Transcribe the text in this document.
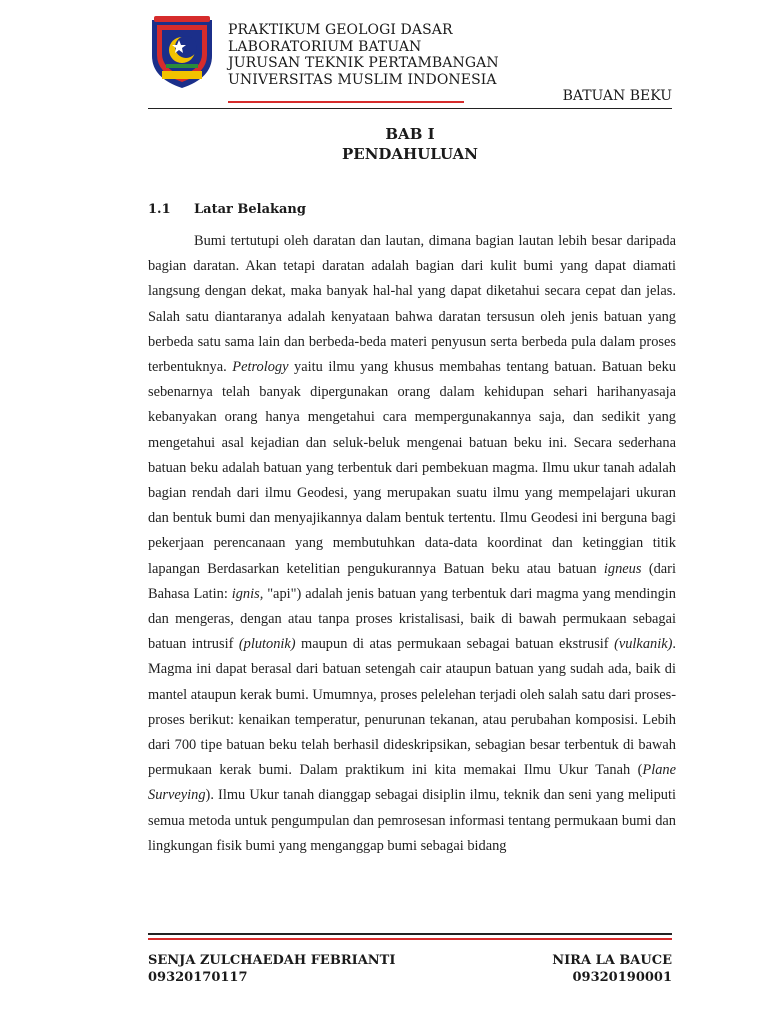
PRAKTIKUM GEOLOGI DASAR
LABORATORIUM BATUAN
JURUSAN TEKNIK PERTAMBANGAN
UNIVERSITAS MUSLIM INDONESIA
BATUAN BEKU
BAB I
PENDAHULUAN
1.1 Latar Belakang

Bumi tertutupi oleh daratan dan lautan, dimana bagian lautan lebih besar daripada bagian daratan. Akan tetapi daratan adalah bagian dari kulit bumi yang dapat diamati langsung dengan dekat, maka banyak hal-hal yang dapat diketahui secara cepat dan jelas. Salah satu diantaranya adalah kenyataan bahwa daratan tersusun oleh jenis batuan yang berbeda satu sama lain dan berbeda-beda materi penyusun serta berbeda pula dalam proses terbentuknya. Petrology yaitu ilmu yang khusus membahas tentang batuan. Batuan beku sebenarnya telah banyak dipergunakan orang dalam kehidupan sehari harihanyasaja kebanyakan orang hanya mengetahui cara mempergunakannya saja, dan sedikit yang mengetahui asal kejadian dan seluk-beluk mengenai batuan beku ini. Secara sederhana batuan beku adalah batuan yang terbentuk dari pembekuan magma. Ilmu ukur tanah adalah bagian rendah dari ilmu Geodesi, yang merupakan suatu ilmu yang mempelajari ukuran dan bentuk bumi dan menyajikannya dalam bentuk tertentu. Ilmu Geodesi ini berguna bagi pekerjaan perencanaan yang membutuhkan data-data koordinat dan ketinggian titik lapangan Berdasarkan ketelitian pengukurannya Batuan beku atau batuan igneus (dari Bahasa Latin: ignis, "api") adalah jenis batuan yang terbentuk dari magma yang mendingin dan mengeras, dengan atau tanpa proses kristalisasi, baik di bawah permukaan sebagai batuan intrusif (plutonik) maupun di atas permukaan sebagai batuan ekstrusif (vulkanik). Magma ini dapat berasal dari batuan setengah cair ataupun batuan yang sudah ada, baik di mantel ataupun kerak bumi. Umumnya, proses pelelehan terjadi oleh salah satu dari proses-proses berikut: kenaikan temperatur, penurunan tekanan, atau perubahan komposisi. Lebih dari 700 tipe batuan beku telah berhasil dideskripsikan, sebagian besar terbentuk di bawah permukaan kerak bumi. Dalam praktikum ini kita memakai Ilmu Ukur Tanah (Plane Surveying). Ilmu Ukur tanah dianggap sebagai disiplin ilmu, teknik dan seni yang meliputi semua metoda untuk pengumpulan dan pemrosesan informasi tentang permukaan bumi dan lingkungan fisik bumi yang menganggap bumi sebagai bidang

SENJA ZULCHAEDAH FEBRIANTI
09320170117
NIRA LA BAUCE
09320190001
